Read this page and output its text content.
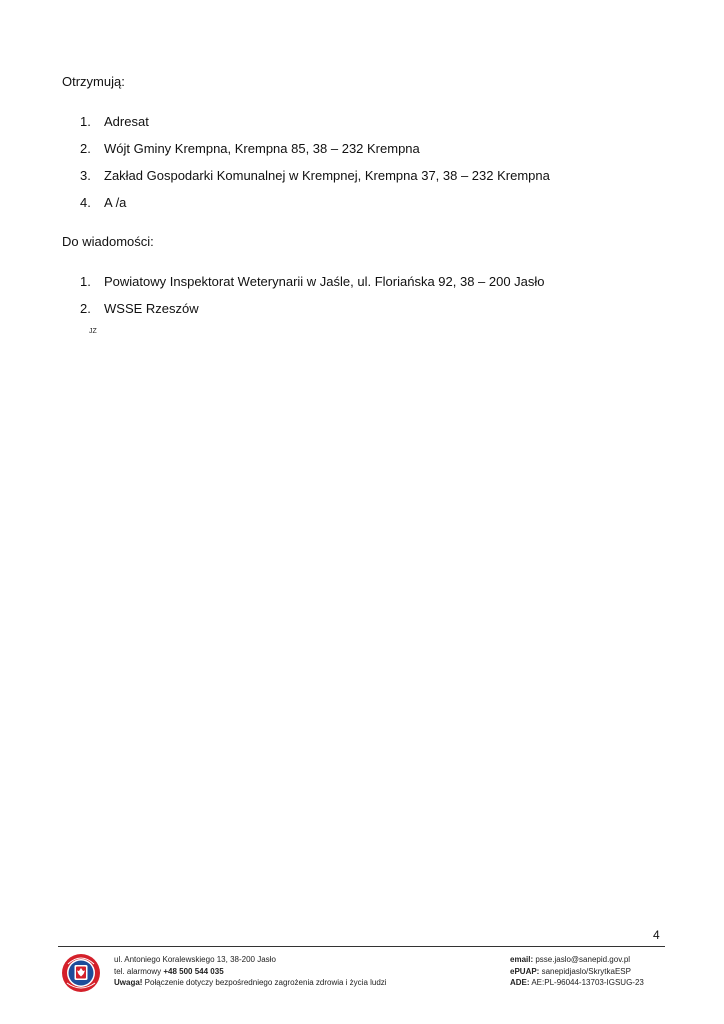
Otrzymują:
1.	Adresat
2.	Wójt Gminy Krempna, Krempna 85, 38 – 232 Krempna
3.	Zakład Gospodarki Komunalnej w Krempnej, Krempna 37, 38 – 232 Krempna
4.	A /a
Do wiadomości:
1.	Powiatowy Inspektorat Weterynarii w Jaśle, ul. Floriańska 92, 38 – 200 Jasło
2.	WSSE Rzeszów
JZ
4
ul. Antoniego Koralewskiego 13, 38-200 Jasło
tel. alarmowy +48 500 544 035
Uwaga! Połączenie dotyczy bezpośredniego zagrożenia zdrowia i życia ludzi
email: psse.jaslo@sanepid.gov.pl
ePUAP: sanepidjaslo/SkrytkaESP
ADE: AE:PL-96044-13703-IGSUG-23
